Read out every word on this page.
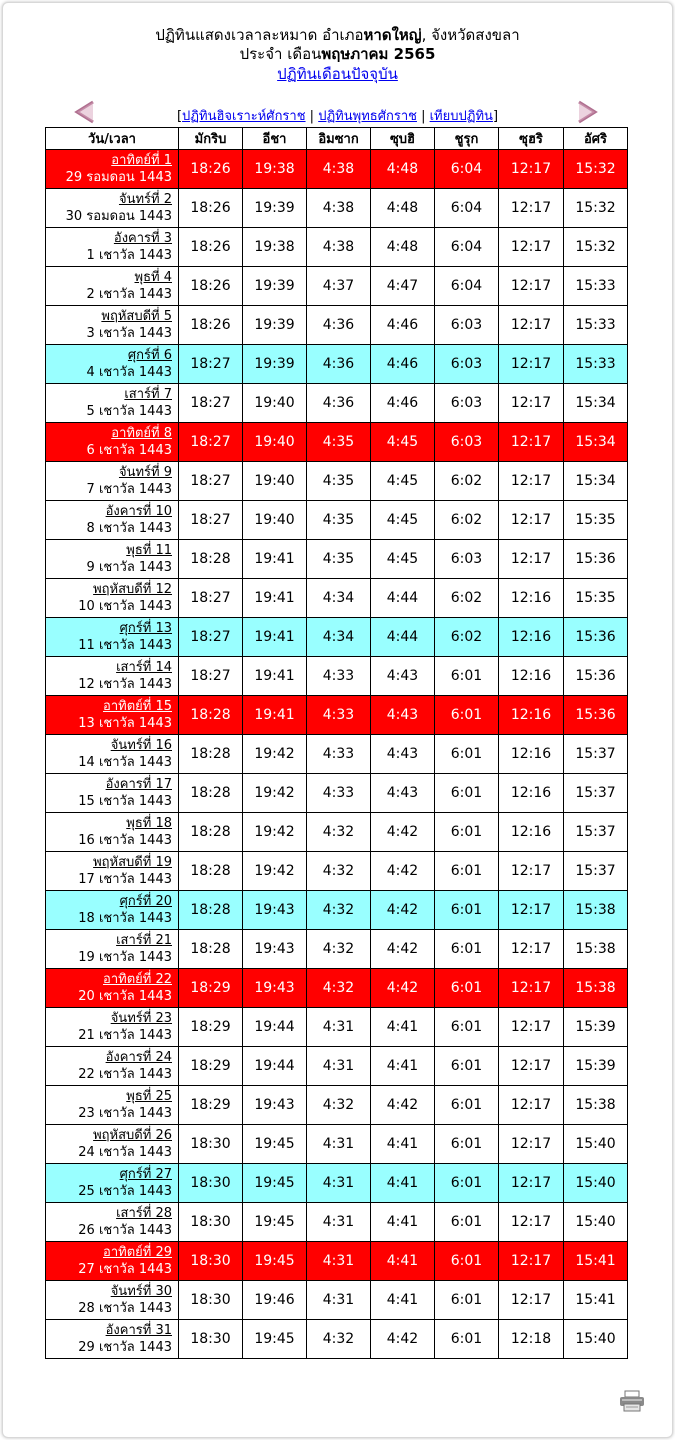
ปฏิทินแสดงเวลาละหมาด อำเภอหาดใหญ่, จังหวัดสงขลา
ประจำ เดือนพฤษภาคม 2565
ปฏิทินเดือนปัจจุบัน
[ปฏิทินฮิจเราะห์ศักราช | ปฏิทินพุทธศักราช | เทียบปฏิทิน]
วัน/เวลา	มักริบ	อีชา	อิมซาก	ซุบฮิ	ชูรุก	ซุฮริ	อัศริ
อาทิตย์ที่ 1
29 รอมดอน 1443	18:26	19:38	4:38	4:48	6:04	12:17	15:32
จันทร์ที่ 2
30 รอมดอน 1443	18:26	19:39	4:38	4:48	6:04	12:17	15:32
อังคารที่ 3
1 เชาวัล 1443	18:26	19:38	4:38	4:48	6:04	12:17	15:32
พุธที่ 4
2 เชาวัล 1443	18:26	19:39	4:37	4:47	6:04	12:17	15:33
พฤหัสบดีที่ 5
3 เชาวัล 1443	18:26	19:39	4:36	4:46	6:03	12:17	15:33
ศุกร์ที่ 6
4 เชาวัล 1443	18:27	19:39	4:36	4:46	6:03	12:17	15:33
เสาร์ที่ 7
5 เชาวัล 1443	18:27	19:40	4:36	4:46	6:03	12:17	15:34
อาทิตย์ที่ 8
6 เชาวัล 1443	18:27	19:40	4:35	4:45	6:03	12:17	15:34
จันทร์ที่ 9
7 เชาวัล 1443	18:27	19:40	4:35	4:45	6:02	12:17	15:34
อังคารที่ 10
8 เชาวัล 1443	18:27	19:40	4:35	4:45	6:02	12:17	15:35
พุธที่ 11
9 เชาวัล 1443	18:28	19:41	4:35	4:45	6:03	12:17	15:36
พฤหัสบดีที่ 12
10 เชาวัล 1443	18:27	19:41	4:34	4:44	6:02	12:16	15:35
ศุกร์ที่ 13
11 เชาวัล 1443	18:27	19:41	4:34	4:44	6:02	12:16	15:36
เสาร์ที่ 14
12 เชาวัล 1443	18:27	19:41	4:33	4:43	6:01	12:16	15:36
อาทิตย์ที่ 15
13 เชาวัล 1443	18:28	19:41	4:33	4:43	6:01	12:16	15:36
จันทร์ที่ 16
14 เชาวัล 1443	18:28	19:42	4:33	4:43	6:01	12:16	15:37
อังคารที่ 17
15 เชาวัล 1443	18:28	19:42	4:33	4:43	6:01	12:16	15:37
พุธที่ 18
16 เชาวัล 1443	18:28	19:42	4:32	4:42	6:01	12:16	15:37
พฤหัสบดีที่ 19
17 เชาวัล 1443	18:28	19:42	4:32	4:42	6:01	12:17	15:37
ศุกร์ที่ 20
18 เชาวัล 1443	18:28	19:43	4:32	4:42	6:01	12:17	15:38
เสาร์ที่ 21
19 เชาวัล 1443	18:28	19:43	4:32	4:42	6:01	12:17	15:38
อาทิตย์ที่ 22
20 เชาวัล 1443	18:29	19:43	4:32	4:42	6:01	12:17	15:38
จันทร์ที่ 23
21 เชาวัล 1443	18:29	19:44	4:31	4:41	6:01	12:17	15:39
อังคารที่ 24
22 เชาวัล 1443	18:29	19:44	4:31	4:41	6:01	12:17	15:39
พุธที่ 25
23 เชาวัล 1443	18:29	19:43	4:32	4:42	6:01	12:17	15:38
พฤหัสบดีที่ 26
24 เชาวัล 1443	18:30	19:45	4:31	4:41	6:01	12:17	15:40
ศุกร์ที่ 27
25 เชาวัล 1443	18:30	19:45	4:31	4:41	6:01	12:17	15:40
เสาร์ที่ 28
26 เชาวัล 1443	18:30	19:45	4:31	4:41	6:01	12:17	15:40
อาทิตย์ที่ 29
27 เชาวัล 1443	18:30	19:45	4:31	4:41	6:01	12:17	15:41
จันทร์ที่ 30
28 เชาวัล 1443	18:30	19:46	4:31	4:41	6:01	12:17	15:41
อังคารที่ 31
29 เชาวัล 1443	18:30	19:45	4:32	4:42	6:01	12:18	15:40
